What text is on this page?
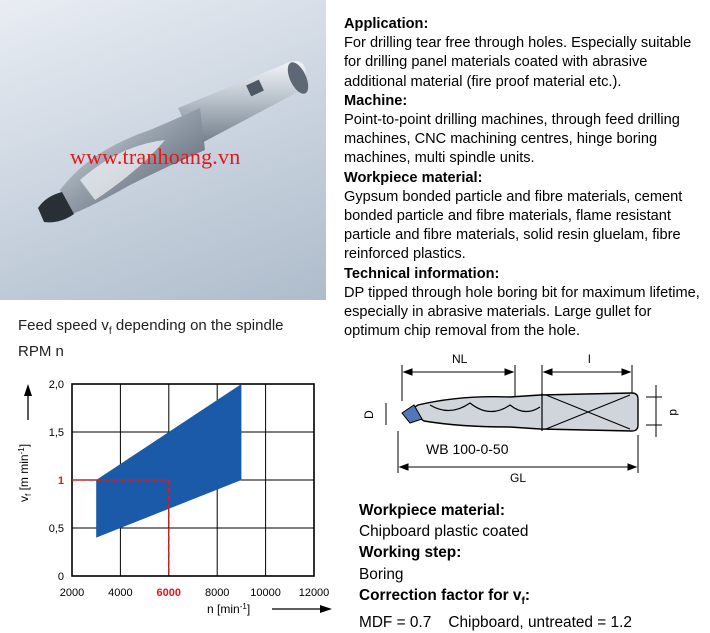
www.tranhoang.vn
Application:
For drilling tear free through holes. Especially suitable for drilling panel materials coated with abrasive additional material (fire proof material etc.).
Machine:
Point-to-point drilling machines, through feed drilling machines, CNC machining centres, hinge boring machines, multi spindle units.
Workpiece material:
Gypsum bonded particle and fibre materials, cement bonded particle and fibre materials, flame resistant particle and fibre materials, solid resin gluelam, fibre reinforced plastics.
Technical information:
DP tipped through hole boring bit for maximum lifetime, especially in abrasive materials. Large gullet for optimum chip removal from the hole.
Feed speed $v_f$ depending on the spindle
RPM n
2000 4000 6000 8000 10000 12000
0
0,5
1
1,5
2,0
$v_f$ [m $\min^{-1}$]
n $[\min^{-1}]$
NL	l
D	d
WB 100-0-50
GL
Workpiece material:
Chipboard plastic coated
Working step:
Boring
Correction factor for $v_f$:
MDF = 0.7    Chipboard, untreated = 1.2
